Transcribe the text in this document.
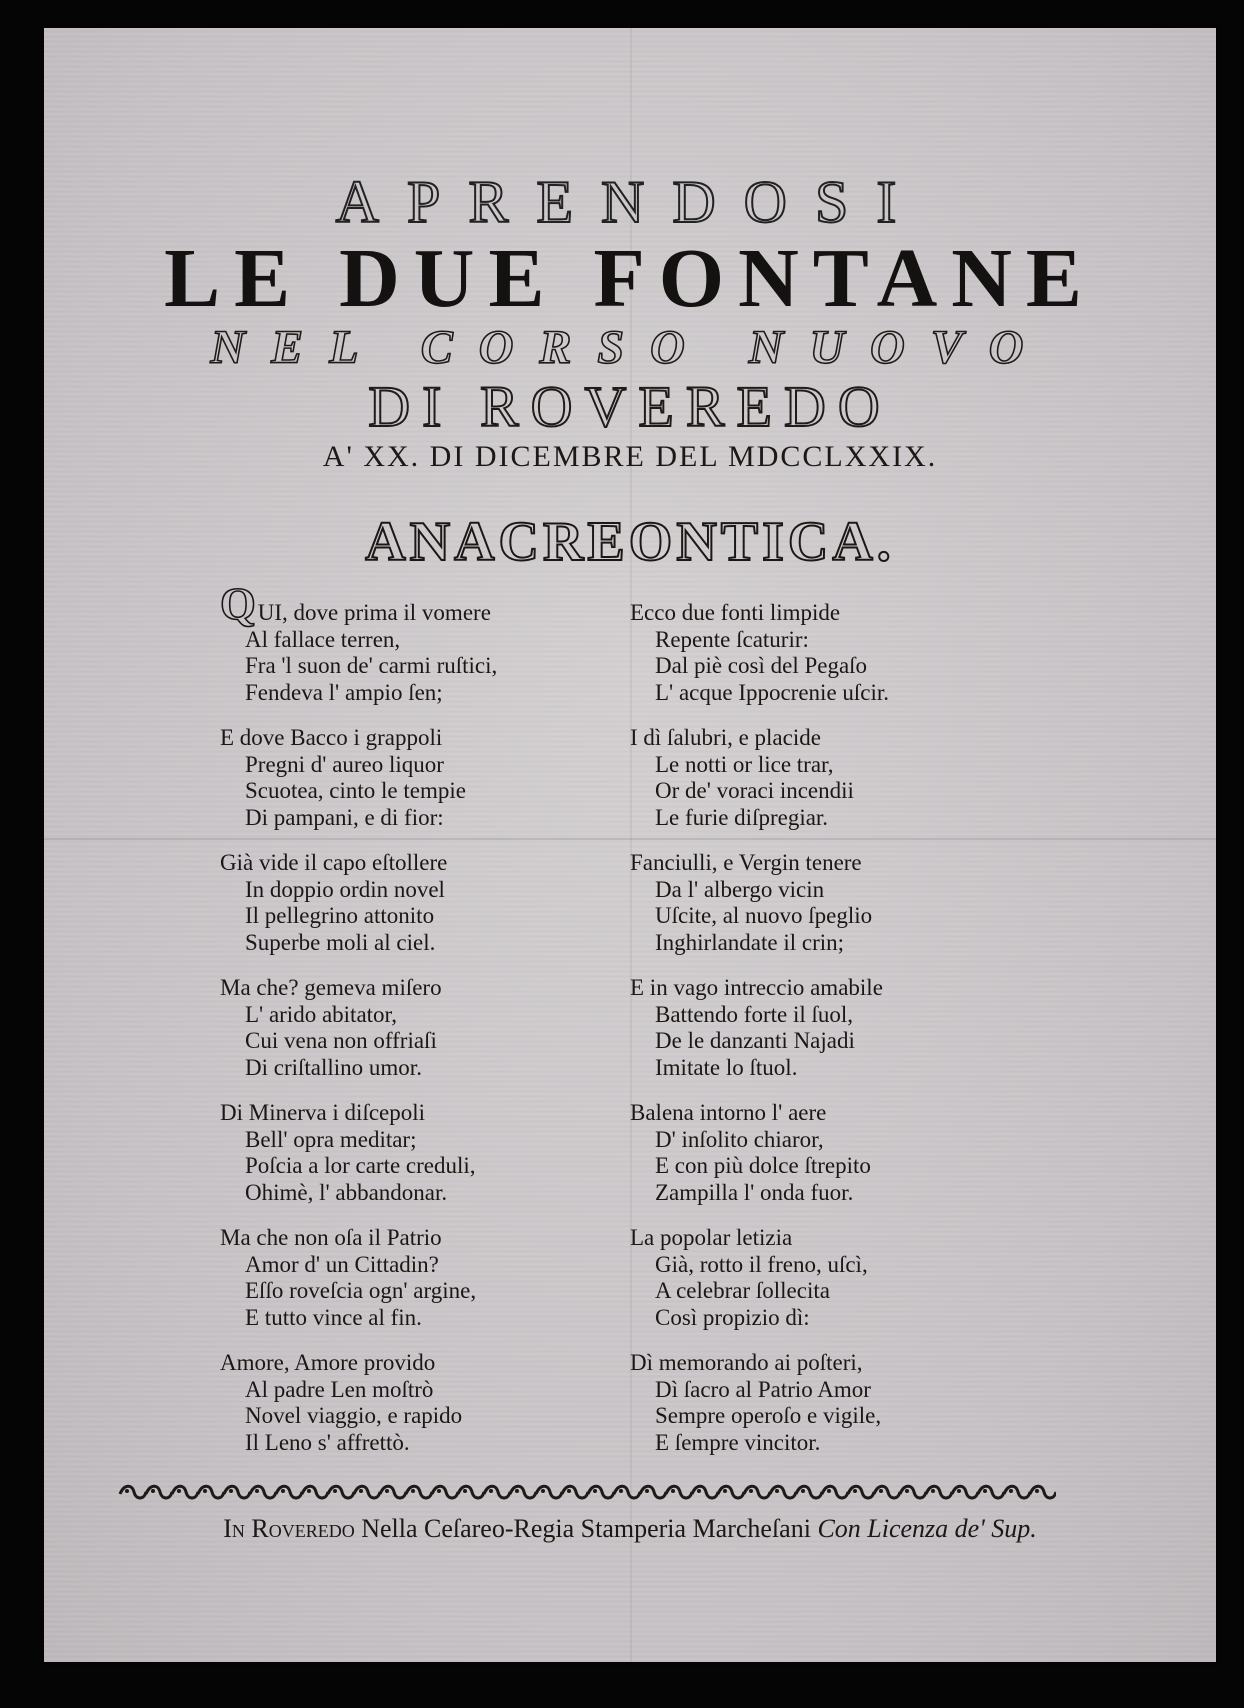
APRENDOSI
LE DUE FONTANE
NEL CORSO NUOVO
DI ROVEREDO
A' XX. DI DICEMBRE DEL MDCCLXXIX.
ANACREONTICA.
QUI, dove prima il vomere
Al fallace terren,
Fra 'l suon de' carmi ruſtici,
Fendeva l' ampio ſen;
E dove Bacco i grappoli
Pregni d' aureo liquor
Scuotea, cinto le tempie
Di pampani, e di fior:
Già vide il capo eſtollere
In doppio ordin novel
Il pellegrino attonito
Superbe moli al ciel.
Ma che? gemeva miſero
L' arido abitator,
Cui vena non offriaſi
Di criſtallino umor.
Di Minerva i diſcepoli
Bell' opra meditar;
Poſcia a lor carte creduli,
Ohimè, l' abbandonar.
Ma che non oſa il Patrio
Amor d' un Cittadin?
Eſſo roveſcia ogn' argine,
E tutto vince al fin.
Amore, Amore provido
Al padre Len moſtrò
Novel viaggio, e rapido
Il Leno s' affrettò.
Ecco due fonti limpide
Repente ſcaturir:
Dal piè così del Pegaſo
L' acque Ippocrenie uſcir.
I dì ſalubri, e placide
Le notti or lice trar,
Or de' voraci incendii
Le furie diſpregiar.
Fanciulli, e Vergin tenere
Da l' albergo vicin
Uſcite, al nuovo ſpeglio
Inghirlandate il crin;
E in vago intreccio amabile
Battendo forte il ſuol,
De le danzanti Najadi
Imitate lo ſtuol.
Balena intorno l' aere
D' inſolito chiaror,
E con più dolce ſtrepito
Zampilla l' onda fuor.
La popolar letizia
Già, rotto il freno, uſcì,
A celebrar ſollecita
Così propizio dì:
Dì memorando ai poſteri,
Dì ſacro al Patrio Amor
Sempre operoſo e vigile,
E ſempre vincitor.
In Roveredo Nella Ceſareo-Regia Stamperia Marcheſani Con Licenza de' Sup.
